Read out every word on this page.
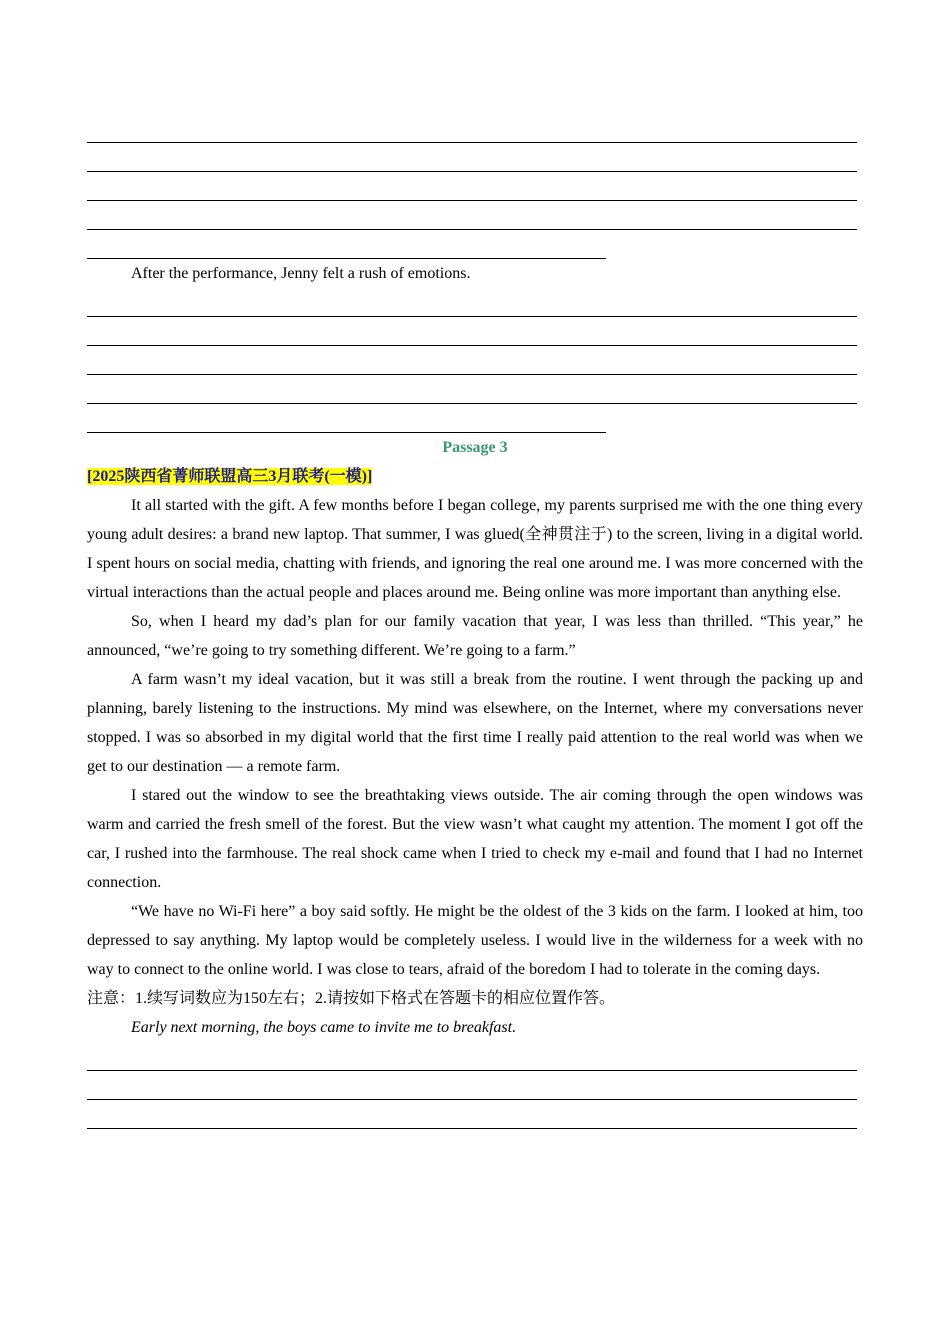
After the performance, Jenny felt a rush of emotions.

Passage 3

[2025陕西省菁师联盟高三3月联考(一模)]

It all started with the gift. A few months before I began college, my parents surprised me with the one thing every young adult desires: a brand new laptop. That summer, I was glued(全神贯注于) to the screen, living in a digital world. I spent hours on social media, chatting with friends, and ignoring the real one around me. I was more concerned with the virtual interactions than the actual people and places around me. Being online was more important than anything else.

So, when I heard my dad’s plan for our family vacation that year, I was less than thrilled. “This year,” he announced, “we’re going to try something different. We’re going to a farm.”

A farm wasn’t my ideal vacation, but it was still a break from the routine. I went through the packing up and planning, barely listening to the instructions. My mind was elsewhere, on the Internet, where my conversations never stopped. I was so absorbed in my digital world that the first time I really paid attention to the real world was when we get to our destination — a remote farm.

I stared out the window to see the breathtaking views outside. The air coming through the open windows was warm and carried the fresh smell of the forest. But the view wasn’t what caught my attention. The moment I got off the car, I rushed into the farmhouse. The real shock came when I tried to check my e-mail and found that I had no Internet connection.

“We have no Wi-Fi here” a boy said softly. He might be the oldest of the 3 kids on the farm. I looked at him, too depressed to say anything. My laptop would be completely useless. I would live in the wilderness for a week with no way to connect to the online world. I was close to tears, afraid of the boredom I had to tolerate in the coming days.

注意：1.续写词数应为150左右；2.请按如下格式在答题卡的相应位置作答。

Early next morning, the boys came to invite me to breakfast.
